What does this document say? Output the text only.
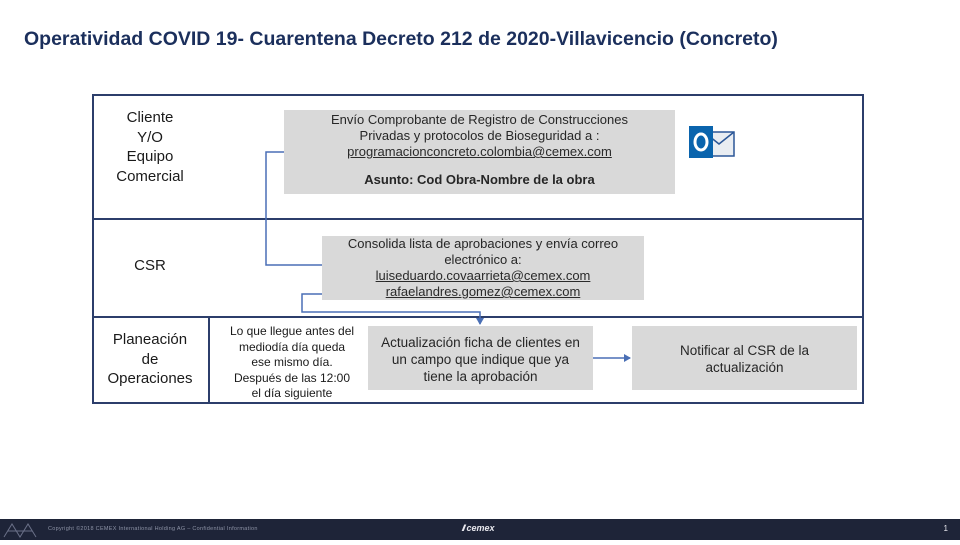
Operatividad COVID 19- Cuarentena Decreto 212 de 2020-Villavicencio (Concreto)
Cliente
Y/O
Equipo
Comercial
CSR
Planeación
de
Operaciones
Envío Comprobante de Registro de Construcciones
Privadas y protocolos de Bioseguridad a :
programacionconcreto.colombia@cemex.com
Asunto: Cod Obra-Nombre de la obra
Consolida lista de aprobaciones y envía correo
electrónico a:
luiseduardo.covaarrieta@cemex.com
rafaelandres.gomez@cemex.com
Lo que llegue antes del
mediodía día queda
ese mismo día.
Después de las 12:00
el día siguiente
Actualización ficha de clientes en
un campo que indique que ya
tiene la aprobación
Notificar al CSR de la
actualización
Copyright ©2018 CEMEX International Holding AG – Confidential Information	/// cemex	1
